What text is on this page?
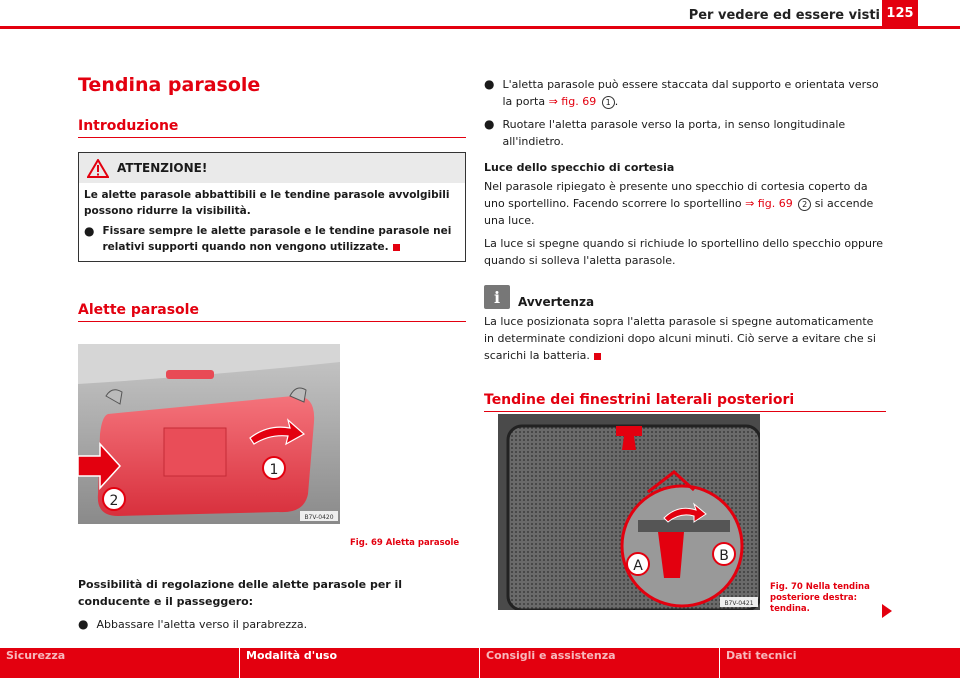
Per vedere ed essere visti 125
Tendina parasole
Introduzione
ATTENZIONE!
Le alette parasole abbattibili e le tendine parasole avvolgibili possono ridurre la visibilità.
● Fissare sempre le alette parasole e le tendine parasole nei relativi supporti quando non vengono utilizzate.
Alette parasole
1
2
B7V-0420
Fig. 69 Aletta parasole

Possibilità di regolazione delle alette parasole per il conducente e il passeggero:

● Abbassare l'aletta verso il parabrezza.
● L'aletta parasole può essere staccata dal supporto e orientata verso la porta ⇒ fig. 69 1 .
● Ruotare l'aletta parasole verso la porta, in senso longitudinale all'indietro.

Luce dello specchio di cortesia

Nel parasole ripiegato è presente uno specchio di cortesia coperto da uno sportellino. Facendo scorrere lo sportellino ⇒ fig. 69 2 si accende una luce.

La luce si spegne quando si richiude lo sportellino dello specchio oppure quando si solleva l'aletta parasole.

i	Avvertenza

La luce posizionata sopra l'aletta parasole si spegne automaticamente in determinate condizioni dopo alcuni minuti. Ciò serve a evitare che si scarichi la batteria.

Tendine dei finestrini laterali posteriori
A
B
B7V-0421
Fig. 70 Nella tendina posteriore destra: tendina.
Sicurezza	Modalità d'uso	Consigli e assistenza	Dati tecnici
